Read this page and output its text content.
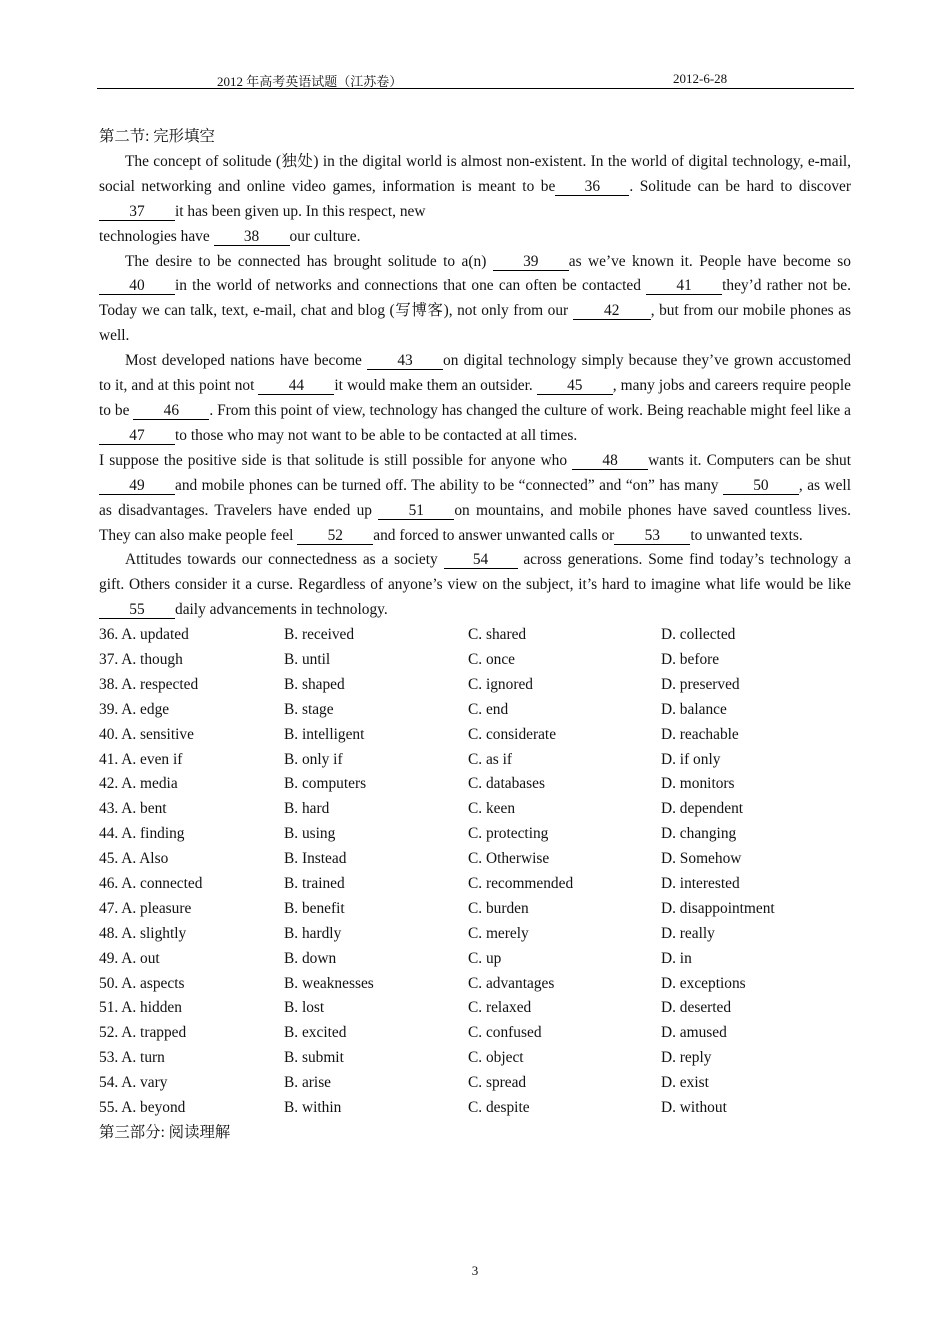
2012 年高考英语试题（江苏卷）	2012-6-28

第二节: 完形填空

The concept of solitude (独处) in the digital world is almost non-existent. In the world of digital technology, e-mail, social networking and online video games, information is meant to be 36 . Solitude can be hard to discover 37 it has been given up. In this respect, new
technologies have 38 our culture.

The desire to be connected has brought solitude to a(n) 39 as we’ve known it. People have become so 40 in the world of networks and connections that one can often be contacted 41 they’d rather not be. Today we can talk, text, e-mail, chat and blog (写博客), not only from our 42 , but from our mobile phones as well.

Most developed nations have become 43 on digital technology simply because they’ve grown accustomed to it, and at this point not 44 it would make them an outsider. 45 , many jobs and careers require people to be 46 . From this point of view, technology has changed the culture of work. Being reachable might feel like a 47 to those who may not want to be able to be contacted at all times.

I suppose the positive side is that solitude is still possible for anyone who 48 wants it. Computers can be shut 49 and mobile phones can be turned off. The ability to be “connected” and “on” has many 50 , as well as disadvantages. Travelers have ended up 51 on mountains, and mobile phones have saved countless lives. They can also make people feel 52 and forced to answer unwanted calls or 53 to unwanted texts.

Attitudes towards our connectedness as a society 54 across generations. Some find today’s technology a gift. Others consider it a curse. Regardless of anyone’s view on the subject, it’s hard to imagine what life would be like 55 daily advancements in technology.

36. A. updated	B. received	C. shared	D. collected
37. A. though	B. until	C. once	D. before
38. A. respected	B. shaped	C. ignored	D. preserved
39. A. edge	B. stage	C. end	D. balance
40. A. sensitive	B. intelligent	C. considerate	D. reachable
41. A. even if	B. only if	C. as if	D. if only
42. A. media	B. computers	C. databases	D. monitors
43. A. bent	B. hard	C. keen	D. dependent
44. A. finding	B. using	C. protecting	D. changing
45. A. Also	B. Instead	C. Otherwise	D. Somehow
46. A. connected	B. trained	C. recommended	D. interested
47. A. pleasure	B. benefit	C. burden	D. disappointment
48. A. slightly	B. hardly	C. merely	D. really
49. A. out	B. down	C. up	D. in
50. A. aspects	B. weaknesses	C. advantages	D. exceptions
51. A. hidden	B. lost	C. relaxed	D. deserted
52. A. trapped	B. excited	C. confused	D. amused
53. A. turn	B. submit	C. object	D. reply
54. A. vary	B. arise	C. spread	D. exist
55. A. beyond	B. within	C. despite	D. without

第三部分: 阅读理解

3
